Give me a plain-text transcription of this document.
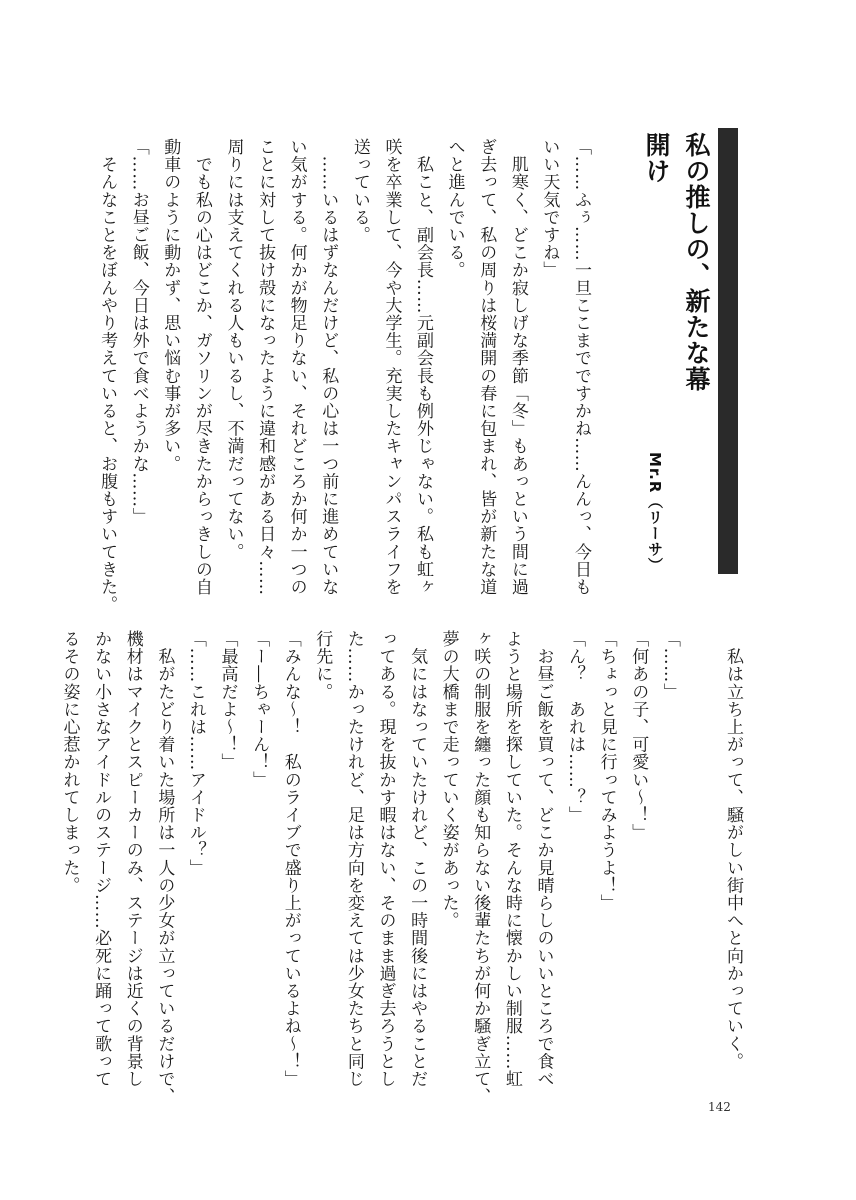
私の推しの、新たな幕開け
Mr.R（リーサ）

「……ふぅ……一旦ここまでですかね……んんっ、今日も

いい天気ですね」

　肌寒く、どこか寂しげな季節「冬」もあっという間に過

ぎ去って、私の周りは桜満開の春に包まれ、皆が新たな道

へと進んでいる。

　私こと、副会長……元副会長も例外じゃない。私も虹ヶ

咲を卒業して、今や大学生。充実したキャンパスライフを

送っている。

　……いるはずなんだけど、私の心は一つ前に進めていな

い気がする。何かが物足りない、それどころか何か一つの

ことに対して抜け殻になったように違和感がある日々……

周りには支えてくれる人もいるし、不満だってない。

　でも私の心はどこか、ガソリンが尽きたからっきしの自

動車のように動かず、思い悩む事が多い。

「……お昼ご飯、今日は外で食べようかな……」

　そんなことをぼんやり考えていると、お腹もすいてきた。

　私は立ち上がって、騒がしい街中へと向かっていく。

「……」

「何あの子、可愛い～！」

「ちょっと見に行ってみようよ！」

「ん？　あれは……？」

　お昼ご飯を買って、どこか見晴らしのいいところで食べ

ようと場所を探していた。そんな時に懐かしい制服……虹

ヶ咲の制服を纏った顔も知らない後輩たちが何か騒ぎ立て、

夢の大橋まで走っていく姿があった。

　気にはなっていたけれど、この一時間後にはやることだ

ってある。現を抜かす暇はない、そのまま過ぎ去ろうとし

た……かったけれど、足は方向を変えては少女たちと同じ

行先に。

「みんな～！　私のライブで盛り上がっているよね～！」

「ー―ちゃーん！」

「最高だよ～！」

「……これは……アイドル？」

　私がたどり着いた場所は一人の少女が立っているだけで、

機材はマイクとスピーカーのみ、ステージは近くの背景し

かない小さなアイドルのステージ……必死に踊って歌って

るその姿に心惹かれてしまった。

142
